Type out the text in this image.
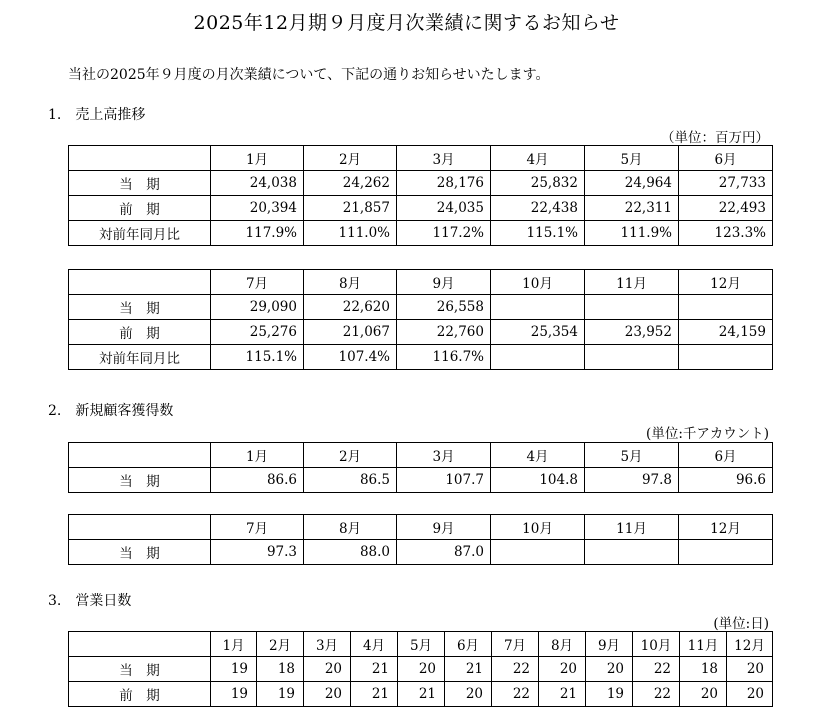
2025年12月期９月度月次業績に関するお知らせ
当社の2025年９月度の月次業績について、下記の通りお知らせいたします。
1.　売上高推移
（単位：百万円）
	1月	2月	3月	4月	5月	6月
当　期	24,038	24,262	28,176	25,832	24,964	27,733
前　期	20,394	21,857	24,035	22,438	22,311	22,493
対前年同月比	117.9%	111.0%	117.2%	115.1%	111.9%	123.3%
	7月	8月	9月	10月	11月	12月
当　期	29,090	22,620	26,558			
前　期	25,276	21,067	22,760	25,354	23,952	24,159
対前年同月比	115.1%	107.4%	116.7%			
2.　新規顧客獲得数
(単位:千アカウント)
	1月	2月	3月	4月	5月	6月
当　期	86.6	86.5	107.7	104.8	97.8	96.6
	7月	8月	9月	10月	11月	12月
当　期	97.3	88.0	87.0			
3.　営業日数
(単位:日)
	1月	2月	3月	4月	5月	6月	7月	8月	9月	10月	11月	12月
当　期	19	18	20	21	20	21	22	20	20	22	18	20
前　期	19	19	20	21	21	20	22	21	19	22	20	20
